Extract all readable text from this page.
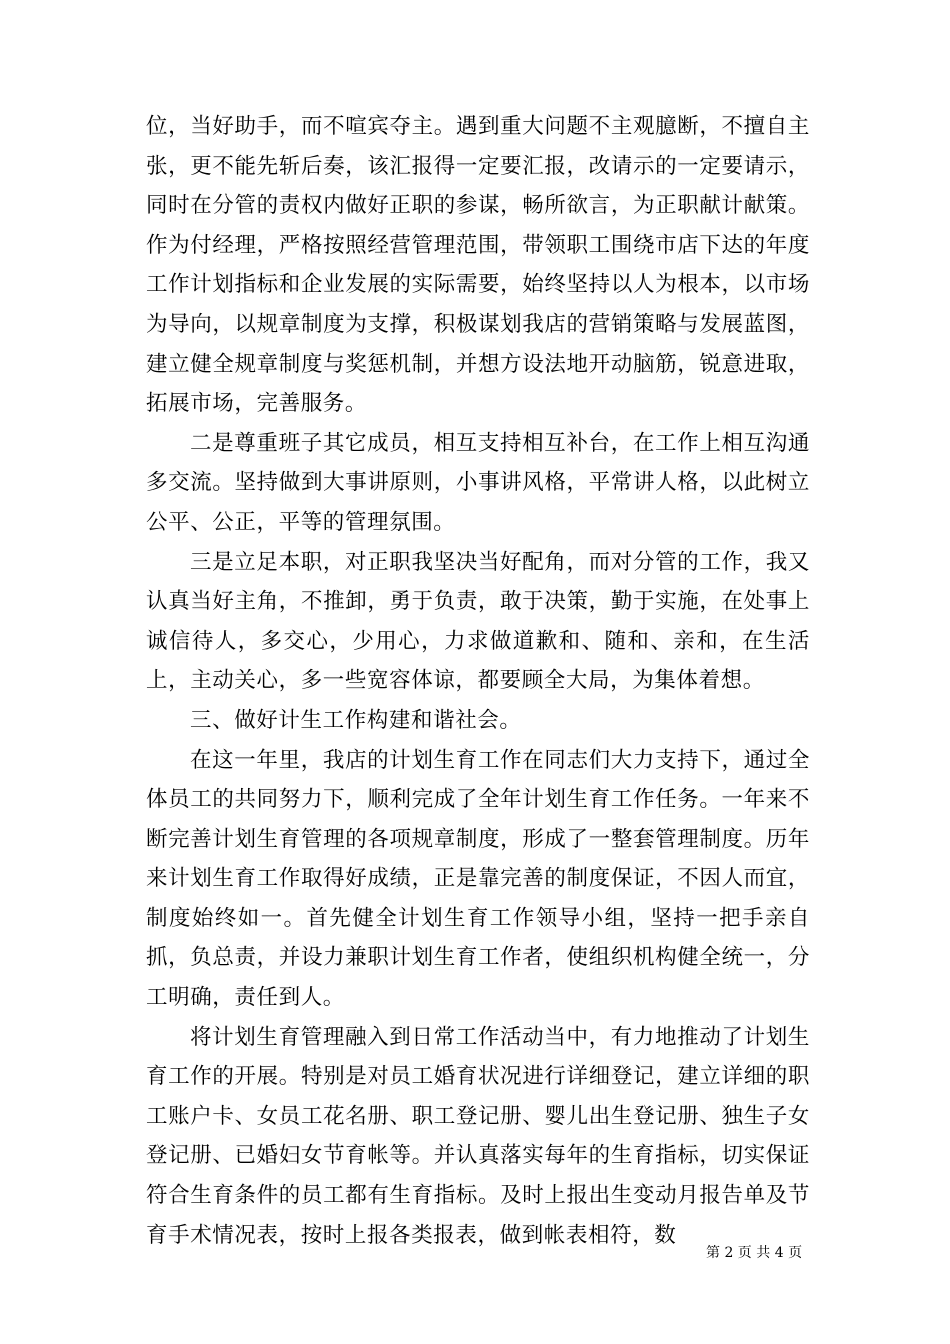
位，当好助手，而不喧宾夺主。遇到重大问题不主观臆断，不擅自主张，更不能先斩后奏，该汇报得一定要汇报，改请示的一定要请示，同时在分管的责权内做好正职的参谋，畅所欲言，为正职献计献策。作为付经理，严格按照经营管理范围，带领职工围绕市店下达的年度工作计划指标和企业发展的实际需要，始终坚持以人为根本，以市场为导向，以规章制度为支撑，积极谋划我店的营销策略与发展蓝图，建立健全规章制度与奖惩机制，并想方设法地开动脑筋，锐意进取，拓展市场，完善服务。

二是尊重班子其它成员，相互支持相互补台，在工作上相互沟通多交流。坚持做到大事讲原则，小事讲风格，平常讲人格，以此树立公平、公正，平等的管理氛围。

三是立足本职，对正职我坚决当好配角，而对分管的工作，我又认真当好主角，不推卸，勇于负责，敢于决策，勤于实施，在处事上诚信待人，多交心，少用心，力求做道歉和、随和、亲和，在生活上，主动关心，多一些宽容体谅，都要顾全大局，为集体着想。

三、做好计生工作构建和谐社会。

在这一年里，我店的计划生育工作在同志们大力支持下，通过全体员工的共同努力下，顺利完成了全年计划生育工作任务。一年来不断完善计划生育管理的各项规章制度，形成了一整套管理制度。历年来计划生育工作取得好成绩，正是靠完善的制度保证，不因人而宜，制度始终如一。首先健全计划生育工作领导小组，坚持一把手亲自抓，负总责，并设力兼职计划生育工作者，使组织机构健全统一，分工明确，责任到人。

将计划生育管理融入到日常工作活动当中，有力地推动了计划生育工作的开展。特别是对员工婚育状况进行详细登记，建立详细的职工账户卡、女员工花名册、职工登记册、婴儿出生登记册、独生子女登记册、已婚妇女节育帐等。并认真落实每年的生育指标，切实保证符合生育条件的员工都有生育指标。及时上报出生变动月报告单及节育手术情况表，按时上报各类报表，做到帐表相符，数

第 2 页 共 4 页
